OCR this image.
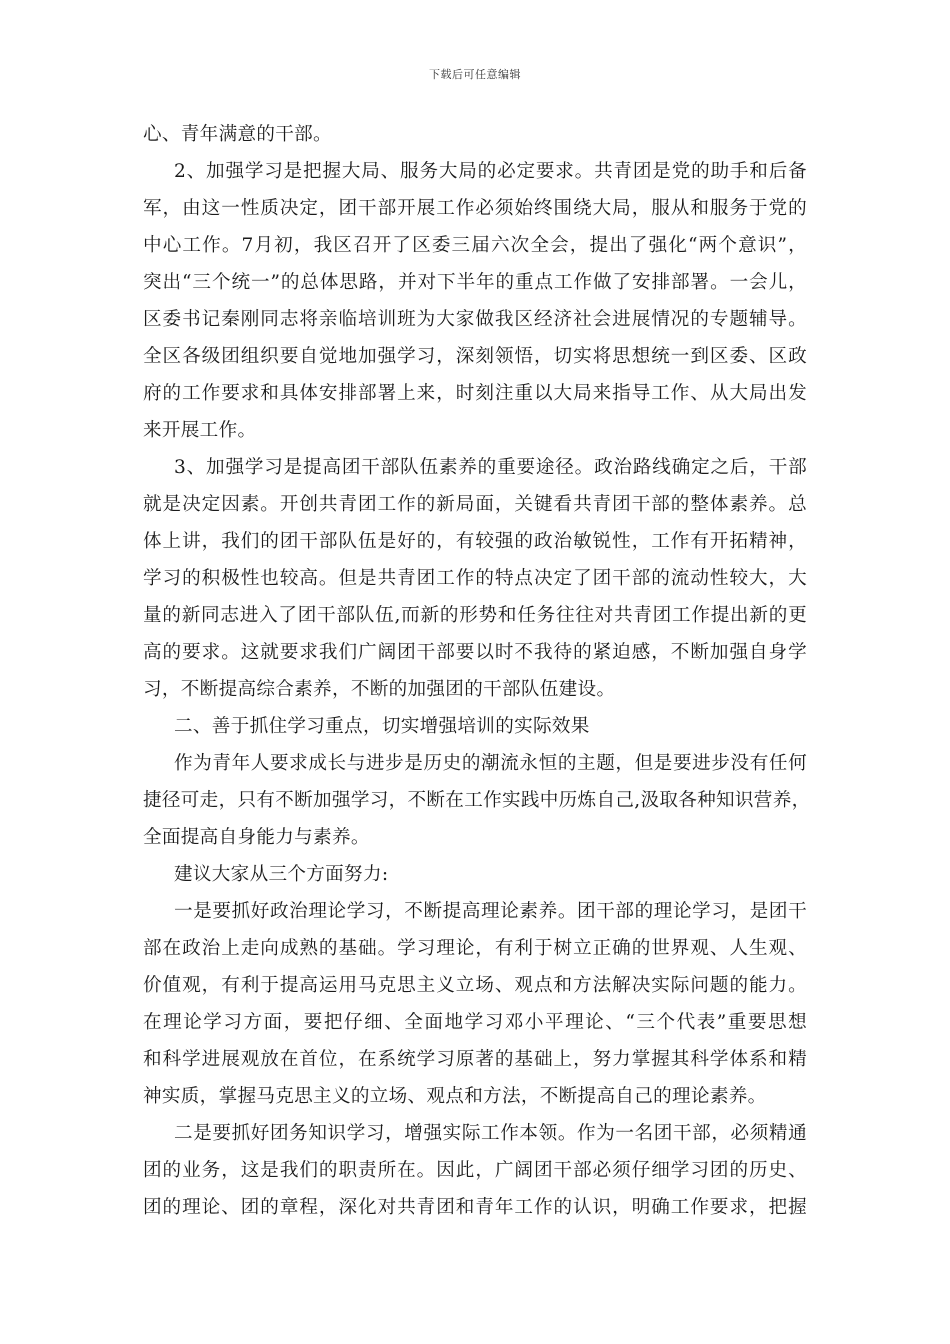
下载后可任意编辑
心、青年满意的干部。
2、加强学习是把握大局、服务大局的必定要求。共青团是党的助手和后备
军，由这一性质决定，团干部开展工作必须始终围绕大局，服从和服务于党的
中心工作。7月初，我区召开了区委三届六次全会，提出了强化“两个意识”，
突出“三个统一”的总体思路，并对下半年的重点工作做了安排部署。一会儿，
区委书记秦刚同志将亲临培训班为大家做我区经济社会进展情况的专题辅导。
全区各级团组织要自觉地加强学习，深刻领悟，切实将思想统一到区委、区政
府的工作要求和具体安排部署上来，时刻注重以大局来指导工作、从大局出发
来开展工作。
3、加强学习是提高团干部队伍素养的重要途径。政治路线确定之后，干部
就是决定因素。开创共青团工作的新局面，关键看共青团干部的整体素养。总
体上讲，我们的团干部队伍是好的，有较强的政治敏锐性，工作有开拓精神，
学习的积极性也较高。但是共青团工作的特点决定了团干部的流动性较大，大
量的新同志进入了团干部队伍,而新的形势和任务往往对共青团工作提出新的更
高的要求。这就要求我们广阔团干部要以时不我待的紧迫感，不断加强自身学
习，不断提高综合素养，不断的加强团的干部队伍建设。
二、善于抓住学习重点，切实增强培训的实际效果
作为青年人要求成长与进步是历史的潮流永恒的主题，但是要进步没有任何
捷径可走，只有不断加强学习，不断在工作实践中历炼自己,汲取各种知识营养，
全面提高自身能力与素养。
建议大家从三个方面努力:
一是要抓好政治理论学习，不断提高理论素养。团干部的理论学习，是团干
部在政治上走向成熟的基础。学习理论，有利于树立正确的世界观、人生观、
价值观，有利于提高运用马克思主义立场、观点和方法解决实际问题的能力。
在理论学习方面，要把仔细、全面地学习邓小平理论、“三个代表”重要思想
和科学进展观放在首位，在系统学习原著的基础上，努力掌握其科学体系和精
神实质，掌握马克思主义的立场、观点和方法，不断提高自己的理论素养。
二是要抓好团务知识学习，增强实际工作本领。作为一名团干部，必须精通
团的业务，这是我们的职责所在。因此，广阔团干部必须仔细学习团的历史、
团的理论、团的章程，深化对共青团和青年工作的认识，明确工作要求，把握
